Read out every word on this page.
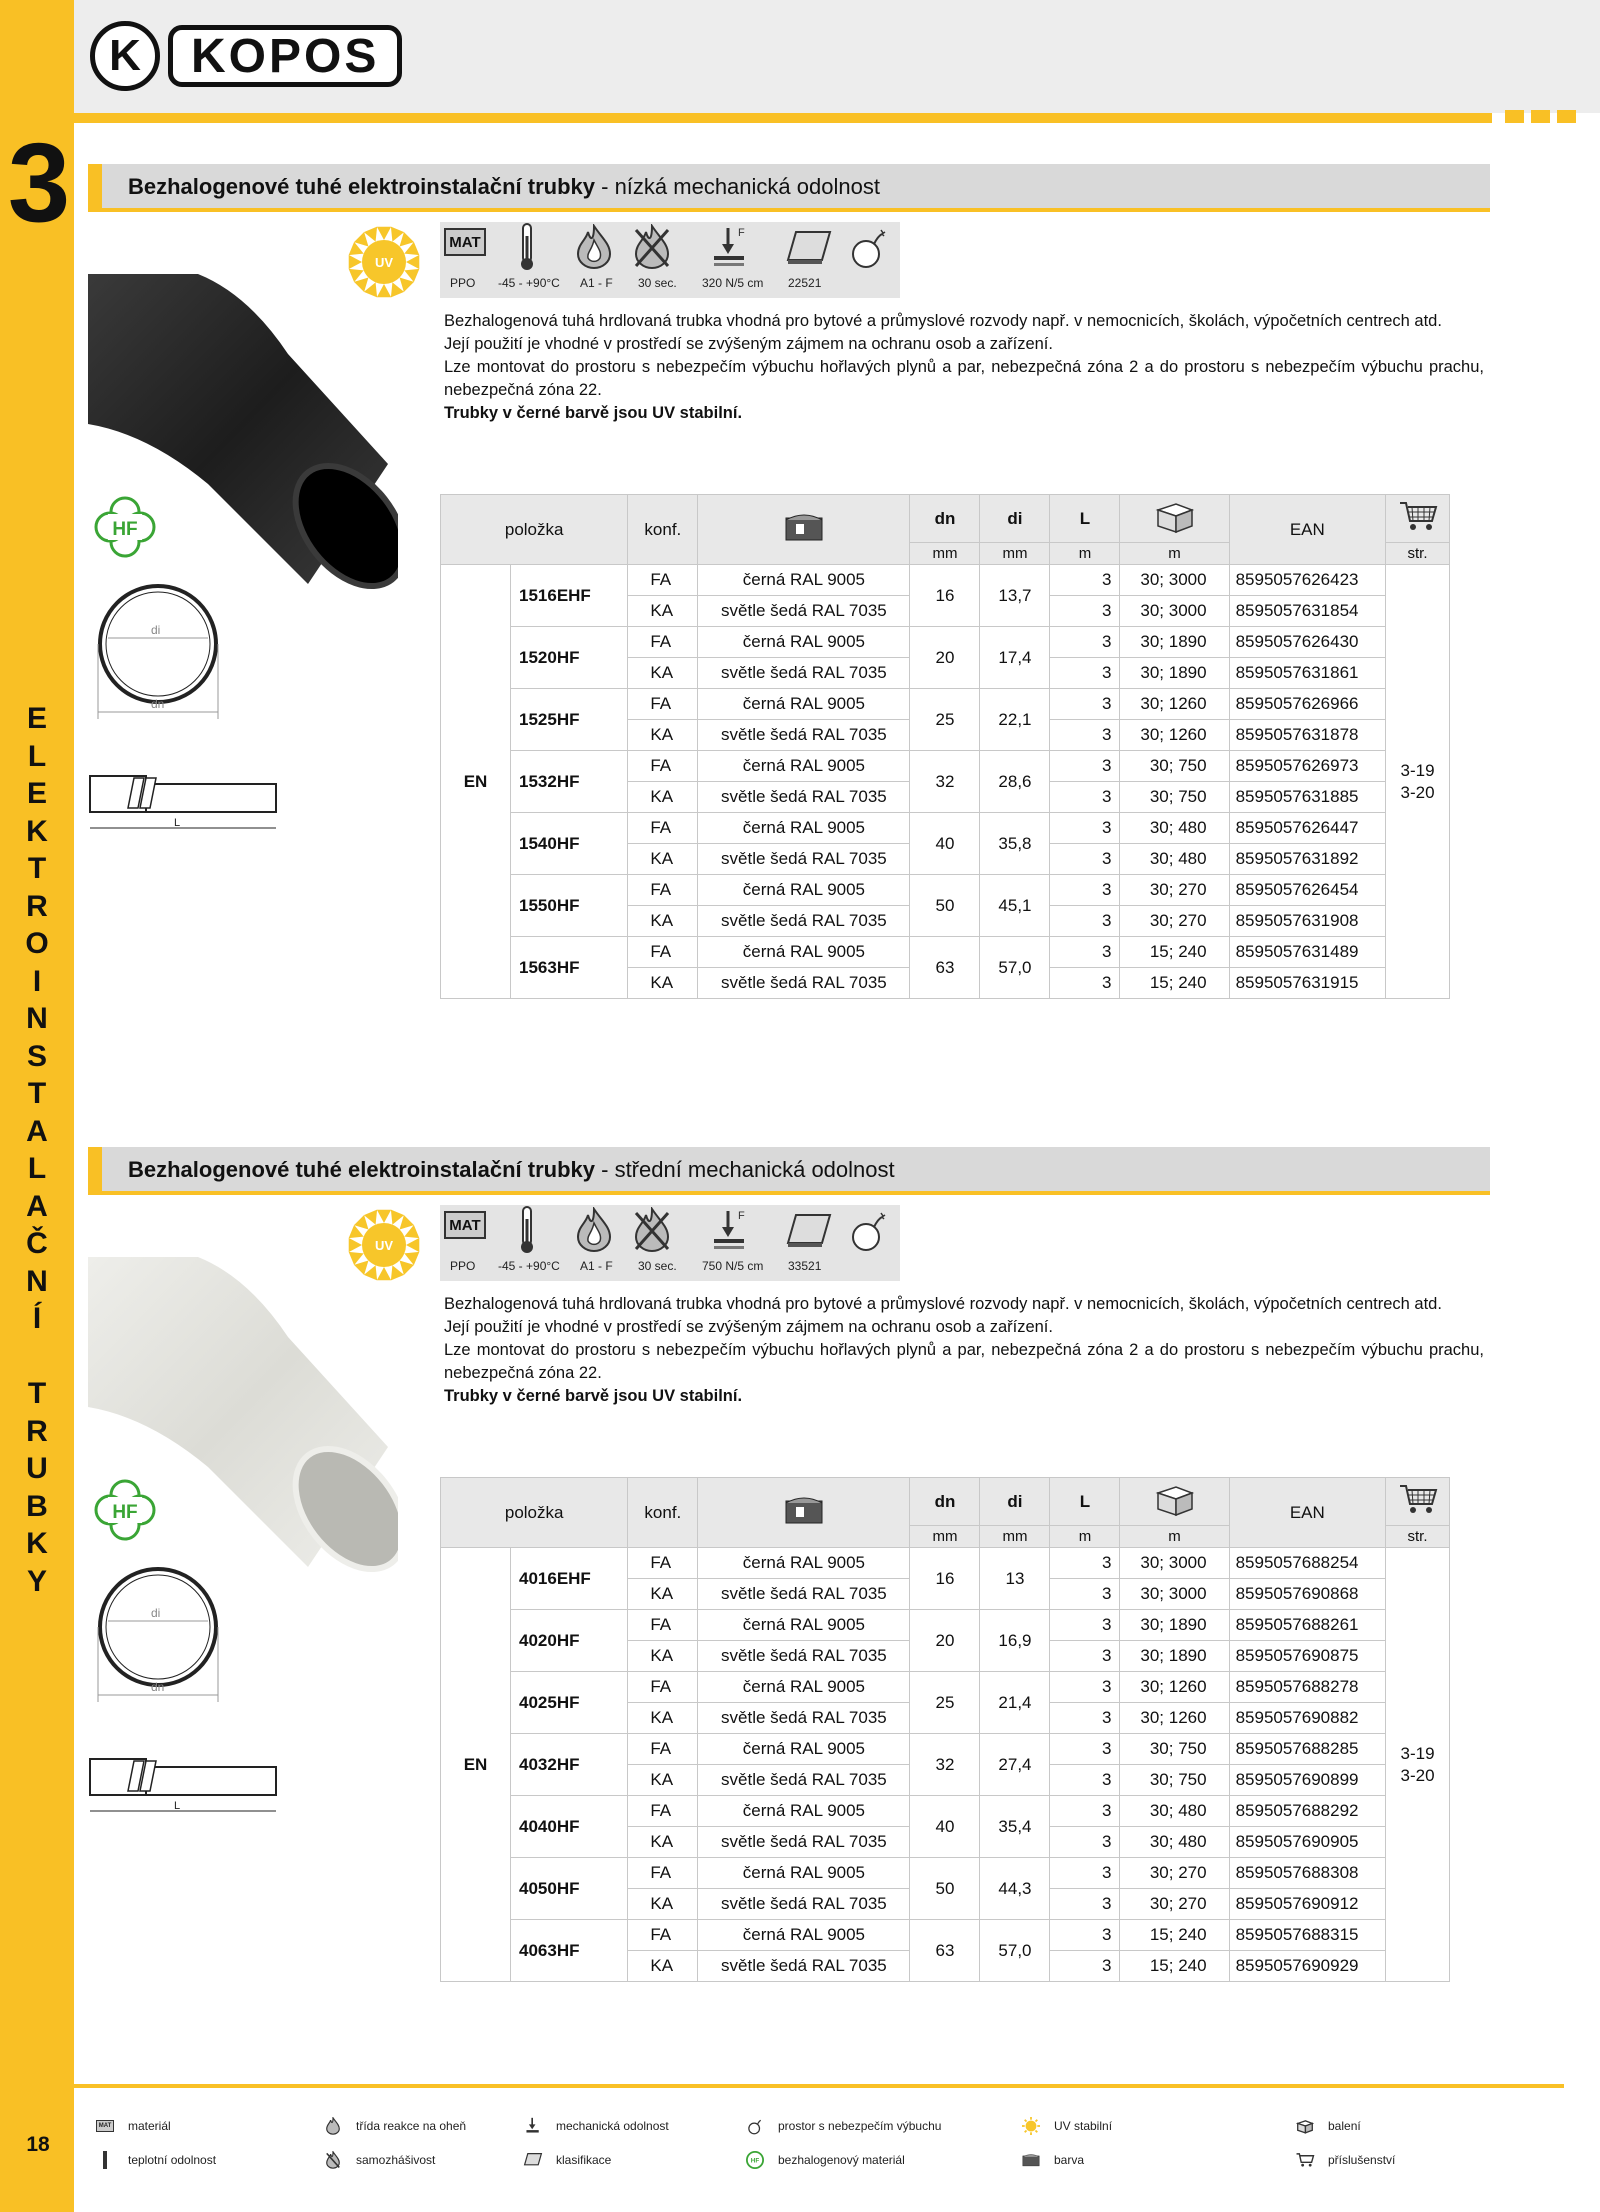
3
E
L
E
K
T
R
O
I
N
S
T
A
L
A
Č
N
Í
T
R
U
B
K
Y
18
K	KOPOS
Bezhalogenové tuhé elektroinstalační trubky - nízká mechanická odolnost
UV
HF
di
dn
L
MAT
F
PPO -45 - +90°C A1 - F 30 sec. 320 N/5 cm 22521

Bezhalogenová tuhá hrdlovaná trubka vhodná pro bytové a průmyslové rozvody např. v nemocnicích, školách, výpočetních centrech atd.

Její použití je vhodné v prostředí se zvýšeným zájmem na ochranu osob a zařízení.

Lze montovat do prostoru s nebezpečím výbuchu hořlavých plynů a par, nebezpečná zóna 2 a do prostoru s nebezpečím výbuchu prachu, nebezpečná zóna 22.

Trubky v černé barvě jsou UV stabilní.

položka		konf.		dn	di	L		EAN	
				mm	mm	m	m		str.
EN	1516EHF	FA	černá RAL 9005	16	13,7	3	30; 3000	8595057626423	3-19
3-20

		KA	světle šedá RAL 7035			3	30; 3000	8595057631854	
	1520HF	FA	černá RAL 9005	20	17,4	3	30; 1890	8595057626430	
		KA	světle šedá RAL 7035			3	30; 1890	8595057631861	
	1525HF	FA	černá RAL 9005	25	22,1	3	30; 1260	8595057626966	
		KA	světle šedá RAL 7035			3	30; 1260	8595057631878	
	1532HF	FA	černá RAL 9005	32	28,6	3	30; 750	8595057626973	
		KA	světle šedá RAL 7035			3	30; 750	8595057631885	
	1540HF	FA	černá RAL 9005	40	35,8	3	30; 480	8595057626447	
		KA	světle šedá RAL 7035			3	30; 480	8595057631892	
	1550HF	FA	černá RAL 9005	50	45,1	3	30; 270	8595057626454	
		KA	světle šedá RAL 7035			3	30; 270	8595057631908	
	1563HF	FA	černá RAL 9005	63	57,0	3	15; 240	8595057631489	
		KA	světle šedá RAL 7035			3	15; 240	8595057631915	
Bezhalogenové tuhé elektroinstalační trubky - střední mechanická odolnost
UV
HF
di
dn
L
MAT
F
PPO -45 - +90°C A1 - F 30 sec. 750 N/5 cm 33521

Bezhalogenová tuhá hrdlovaná trubka vhodná pro bytové a průmyslové rozvody např. v nemocnicích, školách, výpočetních centrech atd.

Její použití je vhodné v prostředí se zvýšeným zájmem na ochranu osob a zařízení.

Lze montovat do prostoru s nebezpečím výbuchu hořlavých plynů a par, nebezpečná zóna 2 a do prostoru s nebezpečím výbuchu prachu, nebezpečná zóna 22.

Trubky v černé barvě jsou UV stabilní.

položka		konf.		dn	di	L		EAN	
				mm	mm	m	m		str.
EN	4016EHF	FA	černá RAL 9005	16	13	3	30; 3000	8595057688254	3-19
3-20

		KA	světle šedá RAL 7035			3	30; 3000	8595057690868	
	4020HF	FA	černá RAL 9005	20	16,9	3	30; 1890	8595057688261	
		KA	světle šedá RAL 7035			3	30; 1890	8595057690875	
	4025HF	FA	černá RAL 9005	25	21,4	3	30; 1260	8595057688278	
		KA	světle šedá RAL 7035			3	30; 1260	8595057690882	
	4032HF	FA	černá RAL 9005	32	27,4	3	30; 750	8595057688285	
		KA	světle šedá RAL 7035			3	30; 750	8595057690899	
	4040HF	FA	černá RAL 9005	40	35,4	3	30; 480	8595057688292	
		KA	světle šedá RAL 7035			3	30; 480	8595057690905	
	4050HF	FA	černá RAL 9005	50	44,3	3	30; 270	8595057688308	
		KA	světle šedá RAL 7035			3	30; 270	8595057690912	
	4063HF	FA	černá RAL 9005	63	57,0	3	15; 240	8595057688315	
		KA	světle šedá RAL 7035			3	15; 240	8595057690929	
MAT materiál	třída reakce na oheň	mechanická odolnost	prostor s nebezpečím výbuchu	UV stabilní	balení
teplotní odolnost	samozhášivost	klasifikace	HF bezhalogenový materiál	barva	příslušenství
